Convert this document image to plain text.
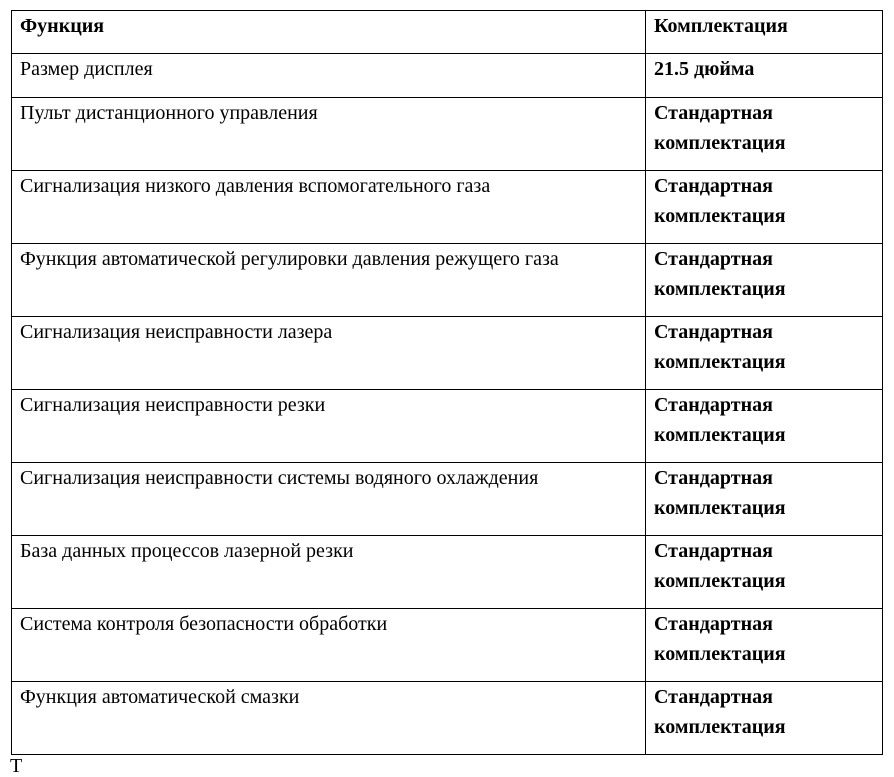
Функция	Комплектация
Размер дисплея	21.5 дюйма
Пульт дистанционного управления	Стандартная комплектация
Сигнализация низкого давления вспомогательного газа	Стандартная комплектация
Функция автоматической регулировки давления режущего газа	Стандартная комплектация
Сигнализация неисправности лазера	Стандартная комплектация
Сигнализация неисправности резки	Стандартная комплектация
Сигнализация неисправности системы водяного охлаждения	Стандартная комплектация
База данных процессов лазерной резки	Стандартная комплектация
Система контроля безопасности обработки	Стандартная комплектация
Функция автоматической смазки	Стандартная комплектация
Т
